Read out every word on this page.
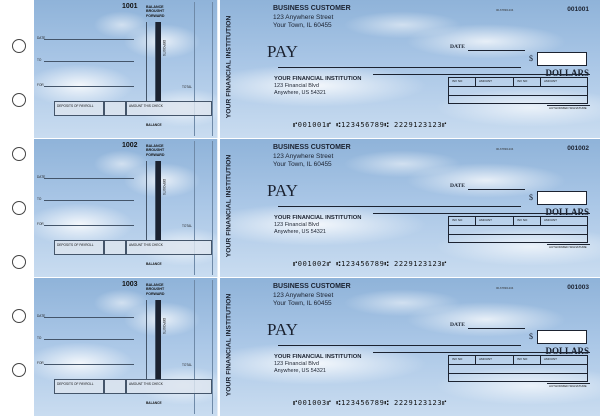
1001 BALANCE BROUGHT FORWARD
DATE
TO
FOR
DEPOSITS
TOTAL
DEPOSITS OF PAYROLL	AMOUNT THIS CHECK
BALANCE
YOUR FINANCIAL INSTITUTION
BUSINESS CUSTOMER
123 Anywhere Street
Your Town, IL 60455
00-6789/1234	001001
DATE
PAY	$
DOLLARS
YOUR FINANCIAL INSTITUTION
123 Financial Blvd
Anywhere, US 54321
INV NO	AMOUNT	INV NO	AMOUNT
AUTHORIZED SIGNATURE
⑈001001⑈ ⑆123456789⑆ 2229123123⑈
1002 BALANCE BROUGHT FORWARD
DATE
TO
FOR
DEPOSITS
TOTAL
DEPOSITS OF PAYROLL	AMOUNT THIS CHECK
BALANCE
YOUR FINANCIAL INSTITUTION
BUSINESS CUSTOMER
123 Anywhere Street
Your Town, IL 60455
00-6789/1234	001002
DATE
PAY	$
DOLLARS
YOUR FINANCIAL INSTITUTION
123 Financial Blvd
Anywhere, US 54321
INV NO	AMOUNT	INV NO	AMOUNT
AUTHORIZED SIGNATURE
⑈001002⑈ ⑆123456789⑆ 2229123123⑈
1003 BALANCE BROUGHT FORWARD
DATE
TO
FOR
DEPOSITS
TOTAL
DEPOSITS OF PAYROLL	AMOUNT THIS CHECK
BALANCE
YOUR FINANCIAL INSTITUTION
BUSINESS CUSTOMER
123 Anywhere Street
Your Town, IL 60455
00-6789/1234	001003
DATE
PAY	$
DOLLARS
YOUR FINANCIAL INSTITUTION
123 Financial Blvd
Anywhere, US 54321
INV NO	AMOUNT	INV NO	AMOUNT
AUTHORIZED SIGNATURE
⑈001003⑈ ⑆123456789⑆ 2229123123⑈
